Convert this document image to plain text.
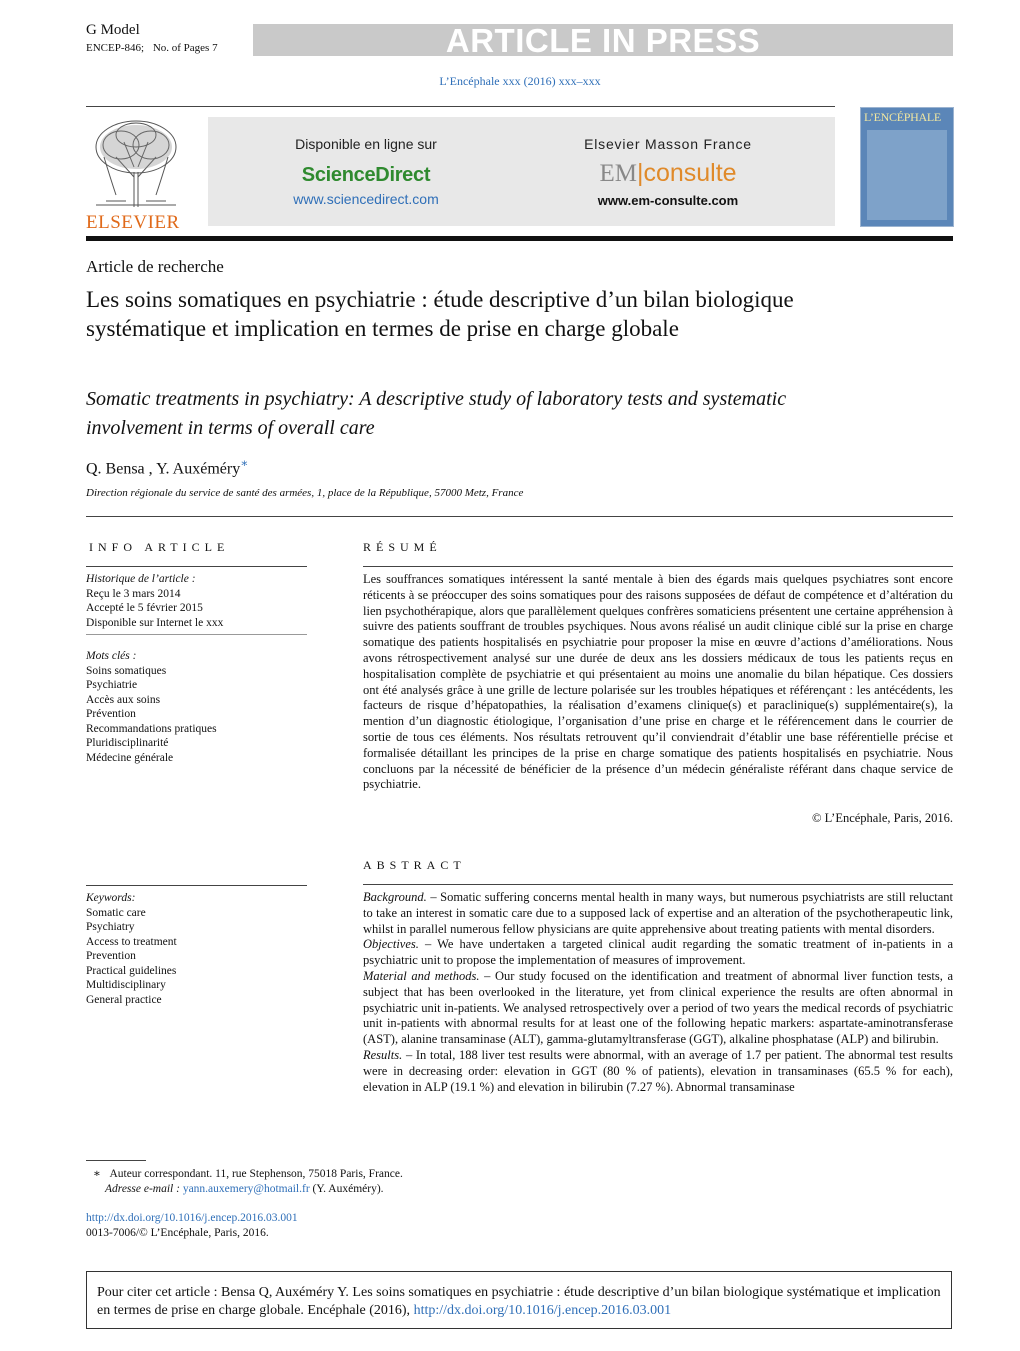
G Model
ENCEP-846; No. of Pages 7	ARTICLE IN PRESS
L’Encéphale xxx (2016) xxx–xxx
ELSEVIER
Disponible en ligne sur
ScienceDirect
www.sciencedirect.com
Elsevier Masson France
EM|consulte
www.em-consulte.com
L’ENCÉPHALE
Article de recherche
Les soins somatiques en psychiatrie : étude descriptive d’un bilan biologique systématique et implication en termes de prise en charge globale
Somatic treatments in psychiatry: A descriptive study of laboratory tests and systematic involvement in terms of overall care
Q. Bensa , Y. Auxéméry∗
Direction régionale du service de santé des armées, 1, place de la République, 57000 Metz, France
INFO ARTICLE
Historique de l’article :
Reçu le 3 mars 2014
Accepté le 5 février 2015
Disponible sur Internet le xxx
Mots clés :
Soins somatiques
Psychiatrie
Accès aux soins
Prévention
Recommandations pratiques
Pluridisciplinarité
Médecine générale
Keywords:
Somatic care
Psychiatry
Access to treatment
Prevention
Practical guidelines
Multidisciplinary
General practice
RÉSUMÉ
Les souffrances somatiques intéressent la santé mentale à bien des égards mais quelques psychiatres sont encore réticents à se préoccuper des soins somatiques pour des raisons supposées de défaut de compétence et d’altération du lien psychothérapique, alors que parallèlement quelques confrères somaticiens présentent une certaine appréhension à suivre des patients souffrant de troubles psychiques. Nous avons réalisé un audit clinique ciblé sur la prise en charge somatique des patients hospitalisés en psychiatrie pour proposer la mise en œuvre d’actions d’améliorations. Nous avons rétrospectivement analysé sur une durée de deux ans les dossiers médicaux de tous les patients reçus en hospitalisation complète de psychiatrie et qui présentaient au moins une anomalie du bilan hépatique. Ces dossiers ont été analysés grâce à une grille de lecture polarisée sur les troubles hépatiques et référençant : les antécédents, les facteurs de risque d’hépatopathies, la réalisation d’examens clinique(s) et paraclinique(s) supplémentaire(s), la mention d’un diagnostic étiologique, l’organisation d’une prise en charge et le référencement dans le courrier de sortie de tous ces éléments. Nos résultats retrouvent qu’il conviendrait d’établir une base référentielle précise et formalisée détaillant les principes de la prise en charge somatique des patients hospitalisés en psychiatrie. Nous concluons par la nécessité de bénéficier de la présence d’un médecin généraliste référant dans chaque service de psychiatrie.
© L’Encéphale, Paris, 2016.
ABSTRACT
Background. – Somatic suffering concerns mental health in many ways, but numerous psychiatrists are still reluctant to take an interest in somatic care due to a supposed lack of expertise and an alteration of the psychotherapeutic link, whilst in parallel numerous fellow physicians are quite apprehensive about treating patients with mental disorders.
Objectives. – We have undertaken a targeted clinical audit regarding the somatic treatment of in-patients in a psychiatric unit to propose the implementation of measures of improvement.
Material and methods. – Our study focused on the identification and treatment of abnormal liver function tests, a subject that has been overlooked in the literature, yet from clinical experience the results are often abnormal in psychiatric unit in-patients. We analysed retrospectively over a period of two years the medical records of psychiatric unit in-patients with abnormal results for at least one of the following hepatic markers: aspartate-aminotransferase (AST), alanine transaminase (ALT), gamma-glutamyltransferase (GGT), alkaline phosphatase (ALP) and bilirubin.
Results. – In total, 188 liver test results were abnormal, with an average of 1.7 per patient. The abnormal test results were in decreasing order: elevation in GGT (80 % of patients), elevation in transaminases (65.5 % for each), elevation in ALP (19.1 %) and elevation in bilirubin (7.27 %). Abnormal transaminase
∗ Auteur correspondant. 11, rue Stephenson, 75018 Paris, France.
Adresse e-mail : yann.auxemery@hotmail.fr (Y. Auxéméry).
http://dx.doi.org/10.1016/j.encep.2016.03.001
0013-7006/© L’Encéphale, Paris, 2016.
Pour citer cet article : Bensa Q, Auxéméry Y. Les soins somatiques en psychiatrie : étude descriptive d’un bilan biologique systématique et implication en termes de prise en charge globale. Encéphale (2016), http://dx.doi.org/10.1016/j.encep.2016.03.001
